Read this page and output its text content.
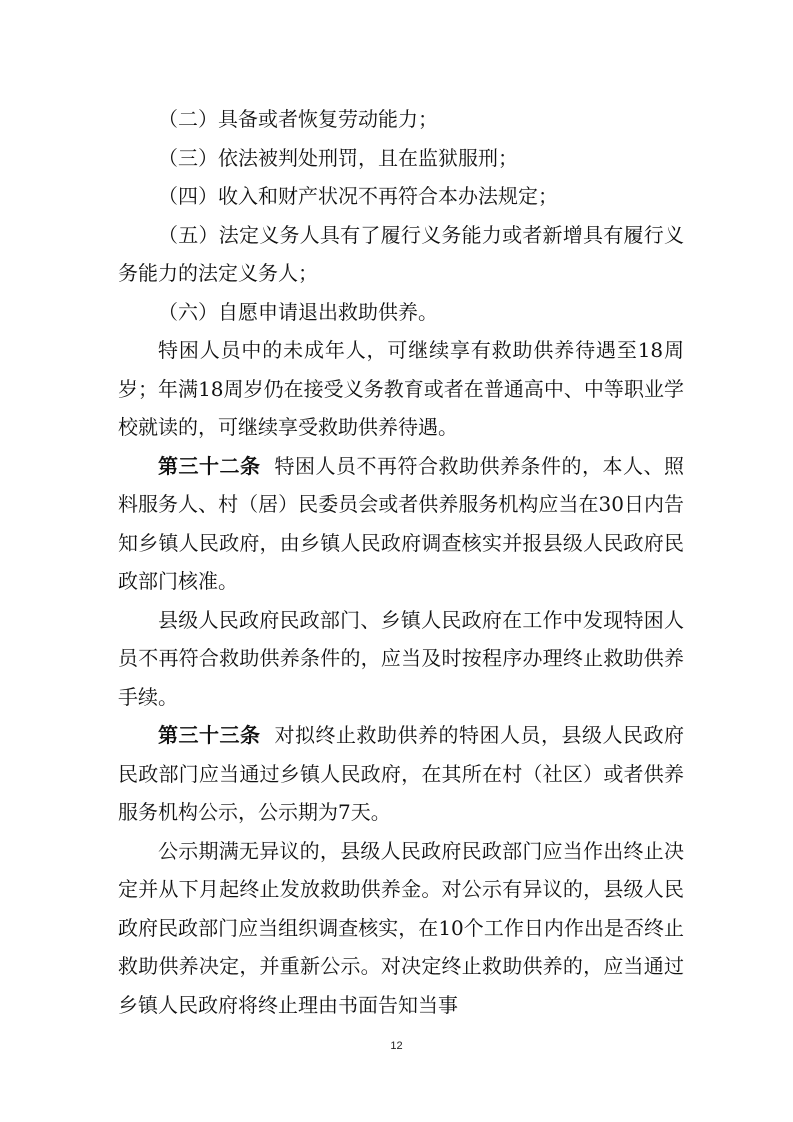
（二）具备或者恢复劳动能力；

（三）依法被判处刑罚，且在监狱服刑；

（四）收入和财产状况不再符合本办法规定；

（五）法定义务人具有了履行义务能力或者新增具有履行义务能力的法定义务人；

（六）自愿申请退出救助供养。

特困人员中的未成年人，可继续享有救助供养待遇至18周岁；年满18周岁仍在接受义务教育或者在普通高中、中等职业学校就读的，可继续享受救助供养待遇。

第三十二条 特困人员不再符合救助供养条件的，本人、照料服务人、村（居）民委员会或者供养服务机构应当在30日内告知乡镇人民政府，由乡镇人民政府调查核实并报县级人民政府民政部门核准。

县级人民政府民政部门、乡镇人民政府在工作中发现特困人员不再符合救助供养条件的，应当及时按程序办理终止救助供养手续。

第三十三条 对拟终止救助供养的特困人员，县级人民政府民政部门应当通过乡镇人民政府，在其所在村（社区）或者供养服务机构公示，公示期为7天。

公示期满无异议的，县级人民政府民政部门应当作出终止决定并从下月起终止发放救助供养金。对公示有异议的，县级人民政府民政部门应当组织调查核实，在10个工作日内作出是否终止救助供养决定，并重新公示。对决定终止救助供养的，应当通过乡镇人民政府将终止理由书面告知当事

12
